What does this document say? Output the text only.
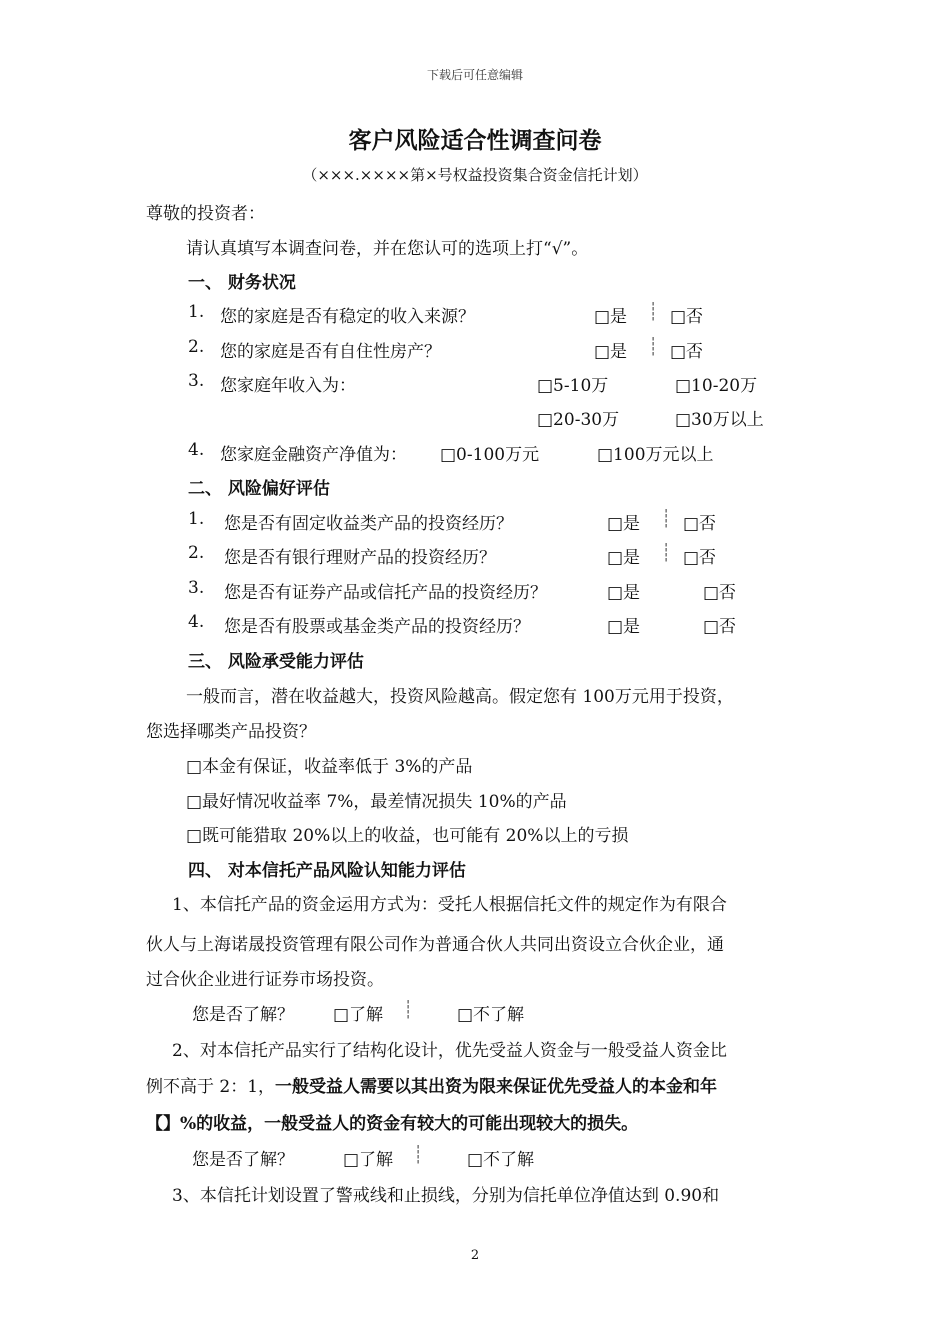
下载后可任意编辑
客户风险适合性调查问卷
（×××.××××第×号权益投资集合资金信托计划）
尊敬的投资者：
请认真填写本调查问卷，并在您认可的选项上打“√”。
一、 财务状况
1. 您的家庭是否有稳定的收入来源？	□是 ┊ □否
2. 您的家庭是否有自住性房产？	□是 ┊ □否
3. 您家庭年收入为：	□5-10万	□10-20万
□20-30万	□30万以上
4. 您家庭金融资产净值为： □0-100万元	□100万元以上
二、 风险偏好评估
1. 您是否有固定收益类产品的投资经历？	□是 ┊ □否
2. 您是否有银行理财产品的投资经历？	□是 ┊ □否
3. 您是否有证券产品或信托产品的投资经历？	□是	□否
4. 您是否有股票或基金类产品的投资经历？	□是	□否
三、 风险承受能力评估
一般而言，潜在收益越大，投资风险越高。假定您有 100万元用于投资，
您选择哪类产品投资？
□本金有保证，收益率低于 3%的产品
□最好情况收益率 7%，最差情况损失 10%的产品
□既可能猎取 20%以上的收益，也可能有 20%以上的亏损
四、 对本信托产品风险认知能力评估
1、本信托产品的资金运用方式为：受托人根据信托文件的规定作为有限合
伙人与上海诺晟投资管理有限公司作为普通合伙人共同出资设立合伙企业，通
过合伙企业进行证券市场投资。
您是否了解？ □了解 ┊	□不了解
2、对本信托产品实行了结构化设计，优先受益人资金与一般受益人资金比
例不高于 2：1，一般受益人需要以其出资为限来保证优先受益人的本金和年
【】%的收益，一般受益人的资金有较大的可能出现较大的损失。
您是否了解？	□了解 ┊	□不了解
3、本信托计划设置了警戒线和止损线，分别为信托单位净值达到 0.90和
2
